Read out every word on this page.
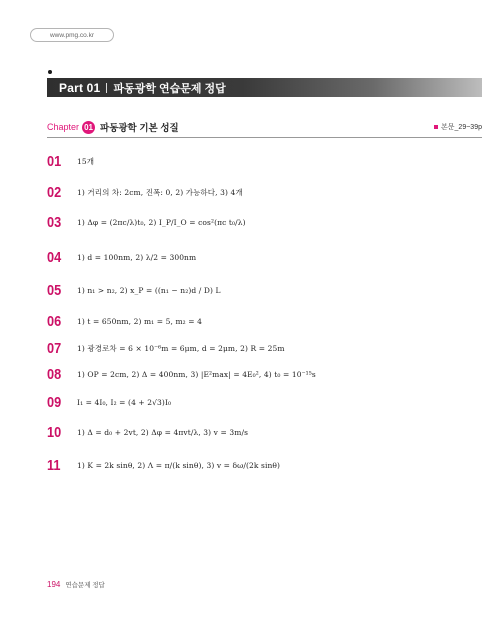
www.pmg.co.kr
Part 01 파동광학 연습문제 정답
Chapter 01 파동광학 기본 성질	본문_29~39p
01	15개
02	1) 거리의 차: 2cm, 진폭: 0, 2) 가능하다, 3) 4개
03	1) Δφ = (2πc/λ)t₀, 2) I_P/I_O = cos²(πc t₀/λ)
04	1) d = 100nm, 2) λ/2 = 300nm
05	1) n₁ > n₂, 2) x_P = ((n₁ − n₂)d / D) L
06	1) t = 650nm, 2) m₁ = 5, m₂ = 4
07	1) 광경로차 = 6 × 10⁻⁶m = 6μm, d = 2μm, 2) R = 25m
08	1) OP = 2cm, 2) Δ = 400nm, 3) |E²max| = 4E₀², 4) t₀ = 10⁻¹⁵s
09	I₁ = 4I₀, I₂ = (4 + 2√3)I₀
10	1) Δ = d₀ + 2vt, 2) Δφ = 4πvt/λ, 3) v = 3m/s
11	1) K = 2k sinθ, 2) Λ = π/(k sinθ), 3) v = δω/(2k sinθ)
194 연습문제 정답
